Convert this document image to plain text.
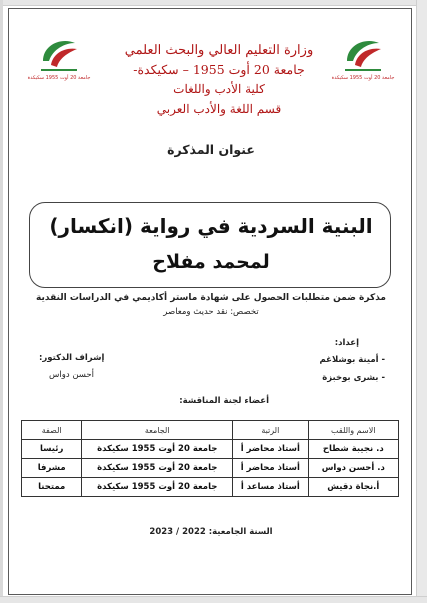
جامعة 20 أوت 1955 سكيكدة	جامعة 20 أوت 1955 سكيكدة
وزارة التعليم العالي والبحث العلمي
جامعة 20 أوت 1955 – سكيكدة-
كلية الأدب واللغات
قسم اللغة والأدب العربي
عنوان المذكرة
البنية السردية في رواية (انكسار)
لمحمد مفلاح
مذكرة ضمن متطلبات الحصول على شهادة ماستر أكاديمي في الدراسات النقدية
تخصص: نقد حديث ومعاصر
إعداد:
- أمينة بوشلاغم
- بشرى بوخبزة
إشراف الدكتور:
أحسن دواس
أعضاء لجنة المناقشة:
الاسم واللقب	الرتبة	الجامعة	الصفة
د. نجيبة شطاح	أستاذ محاضر أ	جامعة 20 أوت 1955 سكيكدة	رئيسا
د. أحسن دواس	أستاذ محاضر أ	جامعة 20 أوت 1955 سكيكدة	مشرفا
أ.نجاة دقيش	أستاذ مساعد أ	جامعة 20 أوت 1955 سكيكدة	ممتحنا
السنة الجامعية: 2022 / 2023
